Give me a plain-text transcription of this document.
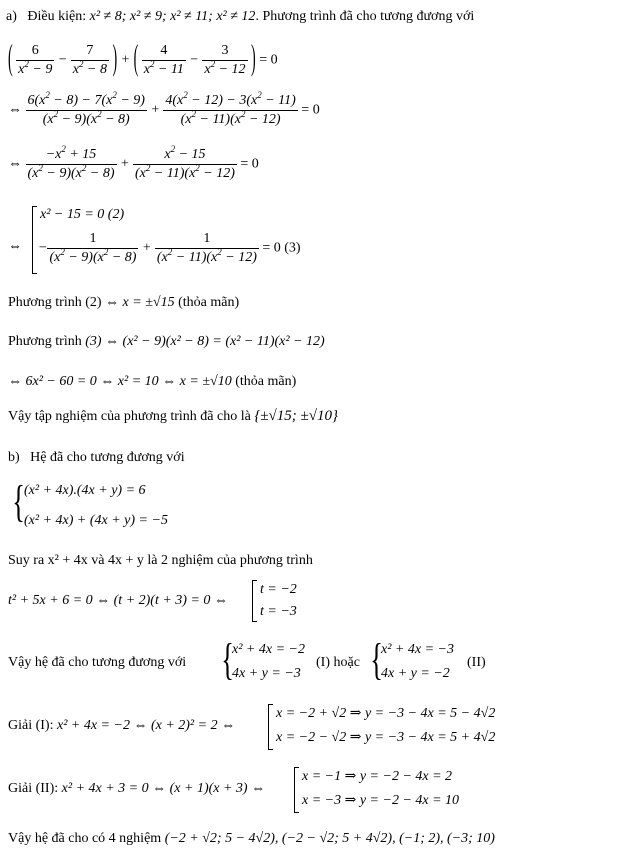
a) Điều kiện: x² ≠ 8; x² ≠ 9; x² ≠ 11; x² ≠ 12. Phương trình đã cho tương đương với
( $\frac{6}{x^2 - 9} - \frac{7}{x^2 - 8}$ ) + ( $\frac{4}{x^2 - 11} - \frac{3}{x^2 - 12}$ ) = 0
⇔ $\frac{6(x^2 - 8) - 7(x^2 - 9)}{(x^2 - 9)(x^2 - 8)} + \frac{4(x^2 - 12) - 3(x^2 - 11)}{(x^2 - 11)(x^2 - 12)} = 0$
⇔ $\frac{-x^2 + 15}{(x^2 - 9)(x^2 - 8)} + \frac{x^2 - 15}{(x^2 - 11)(x^2 - 12)} = 0$
⇔
x² − 15 = 0 (2)
− $\frac{1}{(x^2 - 9)(x^2 - 8)} + \frac{1}{(x^2 - 11)(x^2 - 12)} = 0$ (3)
Phương trình (2) ⇔ x = ±√15 (thỏa mãn)
Phương trình (3) ⇔ (x² − 9)(x² − 8) = (x² − 11)(x² − 12)
⇔ 6x² − 60 = 0 ⇔ x² = 10 ⇔ x = ±√10 (thỏa mãn)
Vậy tập nghiệm của phương trình đã cho là {±√15; ±√10}
b) Hệ đã cho tương đương với
{ (x² + 4x).(4x + y) = 6
(x² + 4x) + (4x + y) = −5
Suy ra x² + 4x và 4x + y là 2 nghiệm của phương trình
t² + 5x + 6 = 0 ⇔ (t + 2)(t + 3) = 0 ⇔
t = −2
t = −3
Vậy hệ đã cho tương đương với {
x² + 4x = −2
4x + y = −3
(I) hoặc {
x² + 4x = −3
4x + y = −2
(II)
Giải (I): x² + 4x = −2 ⇔ (x + 2)² = 2 ⇔
x = −2 + √2 ⇒ y = −3 − 4x = 5 − 4√2
x = −2 − √2 ⇒ y = −3 − 4x = 5 + 4√2
Giải (II): x² + 4x + 3 = 0 ⇔ (x + 1)(x + 3) ⇔
x = −1 ⇒ y = −2 − 4x = 2
x = −3 ⇒ y = −2 − 4x = 10
Vậy hệ đã cho có 4 nghiệm (−2 + √2; 5 − 4√2), (−2 − √2; 5 + 4√2), (−1; 2), (−3; 10)
